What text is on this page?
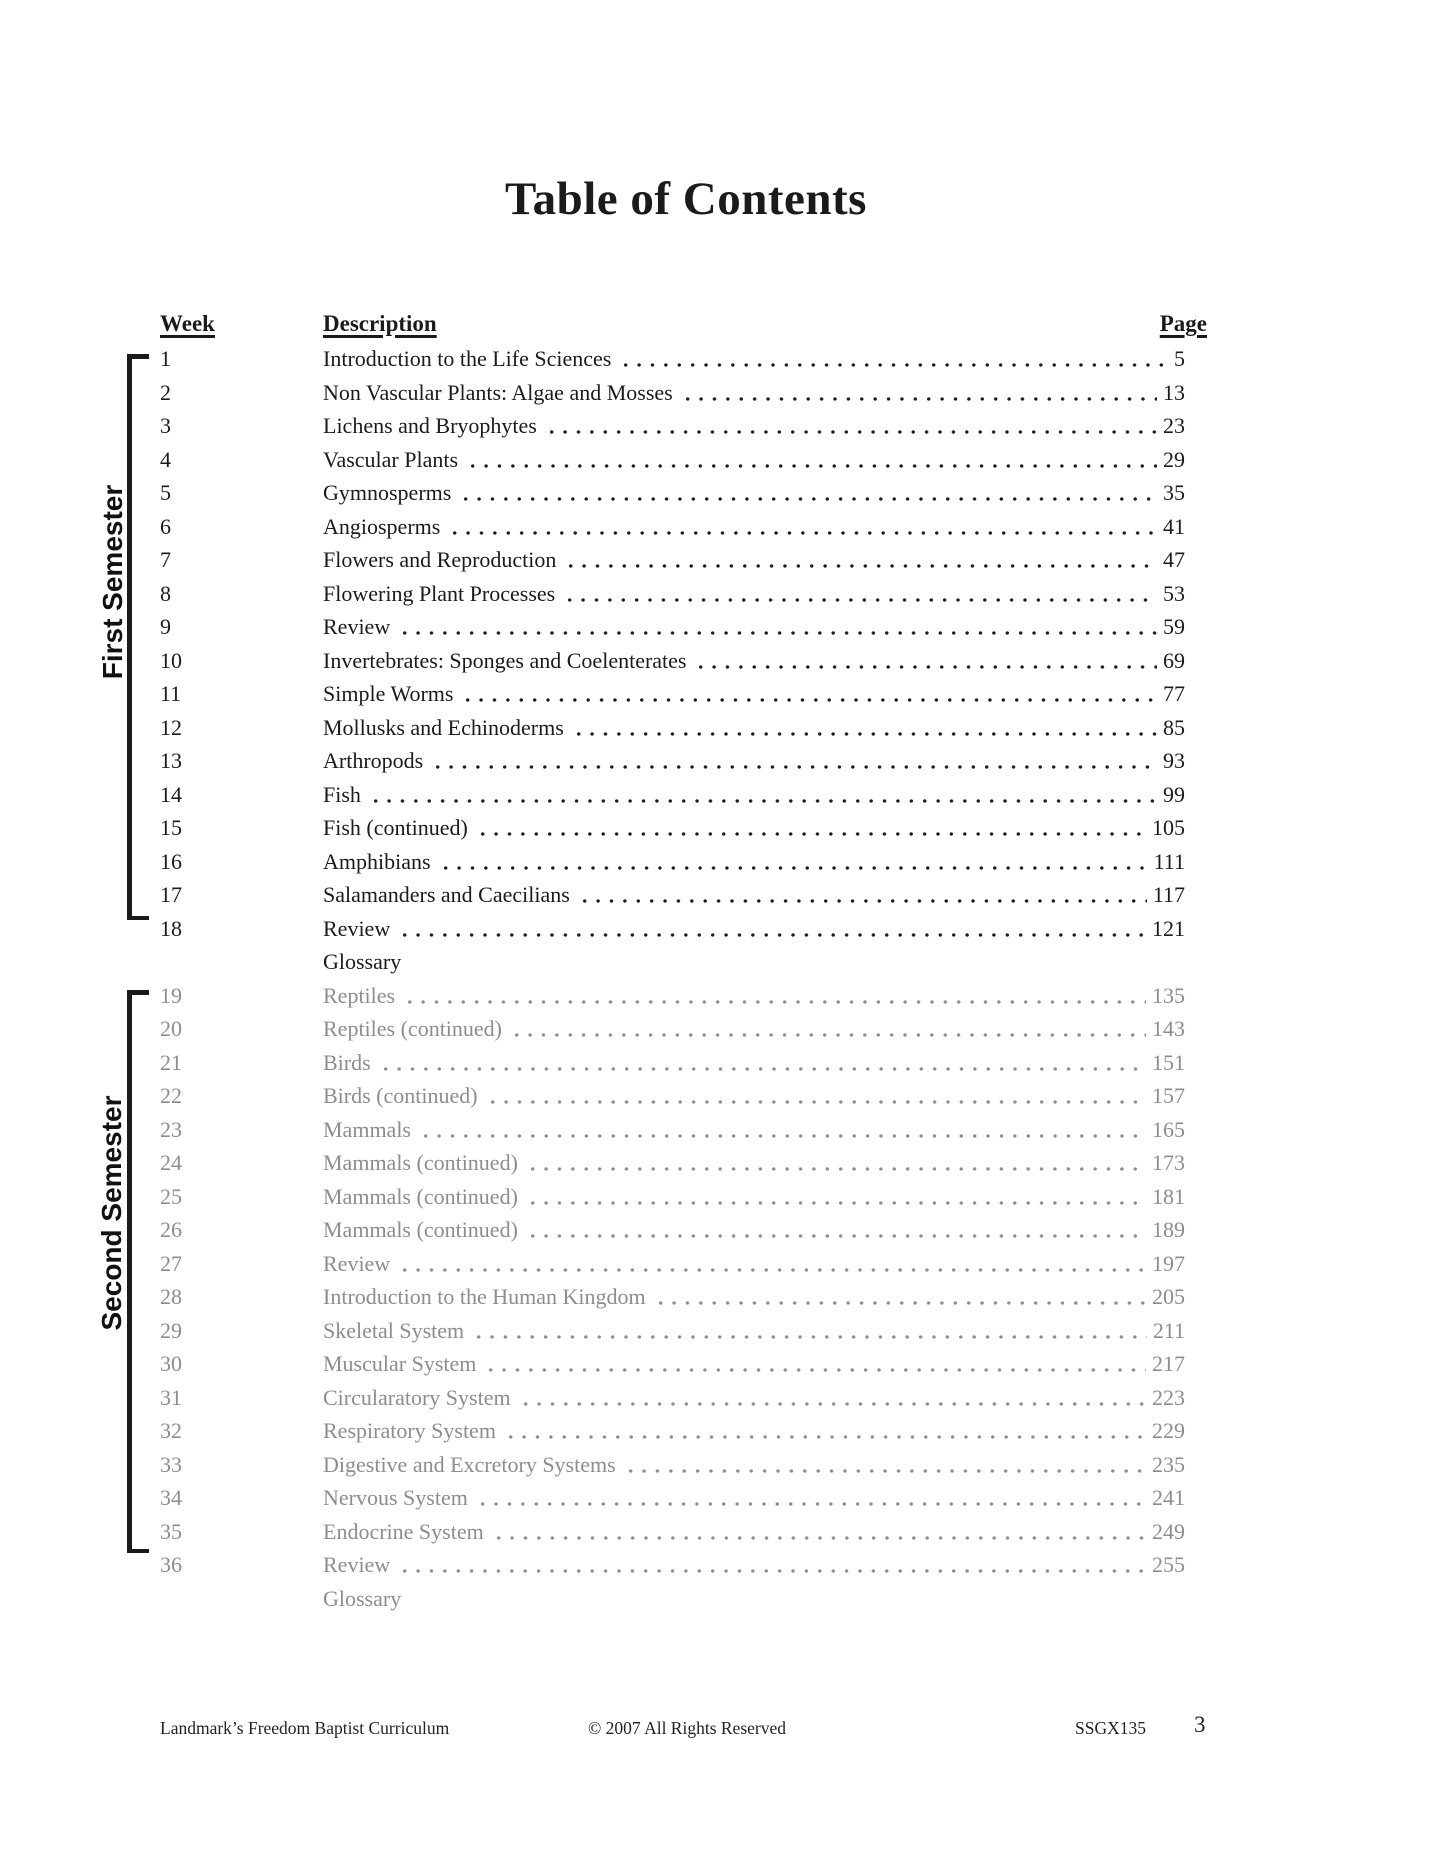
Table of Contents
Week	Description	Page
1	Introduction to the Life Sciences	5
2	Non Vascular Plants: Algae and Mosses	13
3	Lichens and Bryophytes	23
4	Vascular Plants	29
5	Gymnosperms	35
6	Angiosperms	41
7	Flowers and Reproduction	47
8	Flowering Plant Processes	53
9	Review	59
10	Invertebrates: Sponges and Coelenterates	69
11	Simple Worms	77
12	Mollusks and Echinoderms	85
13	Arthropods	93
14	Fish	99
15	Fish (continued)	105
16	Amphibians	111
17	Salamanders and Caecilians	117
18	Review	121
Glossary
19	Reptiles	135
20	Reptiles (continued)	143
21	Birds	151
22	Birds (continued)	157
23	Mammals	165
24	Mammals (continued)	173
25	Mammals (continued)	181
26	Mammals (continued)	189
27	Review	197
28	Introduction to the Human Kingdom	205
29	Skeletal System	211
30	Muscular System	217
31	Circularatory System	223
32	Respiratory System	229
33	Digestive and Excretory Systems	235
34	Nervous System	241
35	Endocrine System	249
36	Review	255
Glossary
First Semester
Second Semester
Landmark’s Freedom Baptist Curriculum	© 2007 All Rights Reserved	SSGX135 3
